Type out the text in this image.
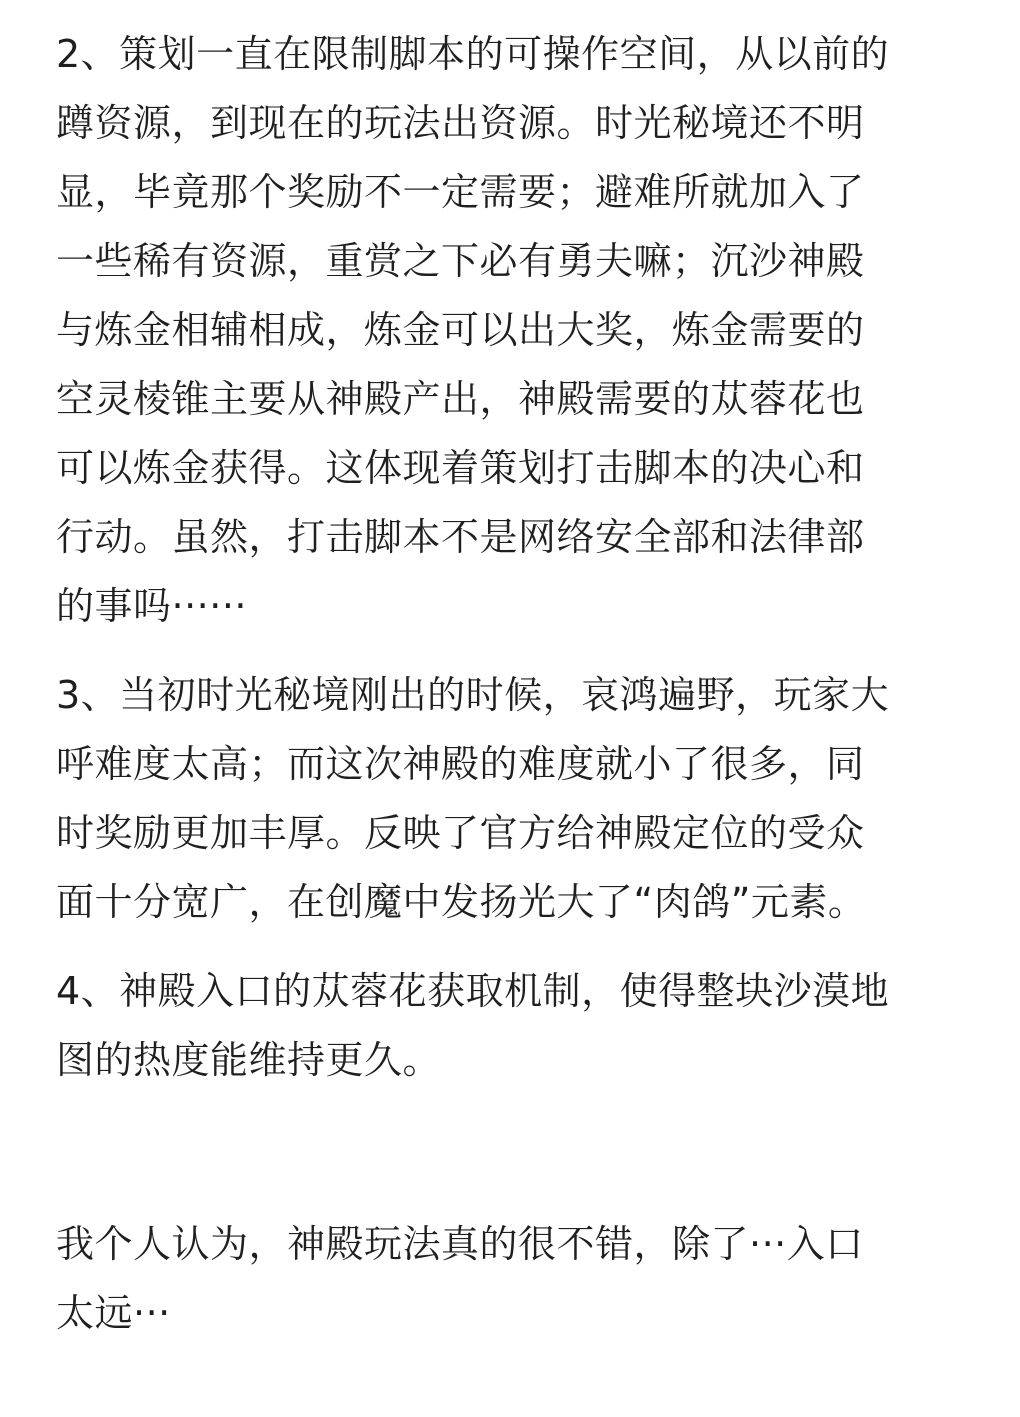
2、策划一直在限制脚本的可操作空间，从以前的
蹲资源，到现在的玩法出资源。时光秘境还不明
显，毕竟那个奖励不一定需要；避难所就加入了
一些稀有资源，重赏之下必有勇夫嘛；沉沙神殿
与炼金相辅相成，炼金可以出大奖，炼金需要的
空灵棱锥主要从神殿产出，神殿需要的苁蓉花也
可以炼金获得。这体现着策划打击脚本的决心和
行动。虽然，打击脚本不是网络安全部和法律部
的事吗······

3、当初时光秘境刚出的时候，哀鸿遍野，玩家大
呼难度太高；而这次神殿的难度就小了很多，同
时奖励更加丰厚。反映了官方给神殿定位的受众
面十分宽广，在创魔中发扬光大了“肉鸽”元素。

4、神殿入口的苁蓉花获取机制，使得整块沙漠地
图的热度能维持更久。

我个人认为，神殿玩法真的很不错，除了···入口
太远···
